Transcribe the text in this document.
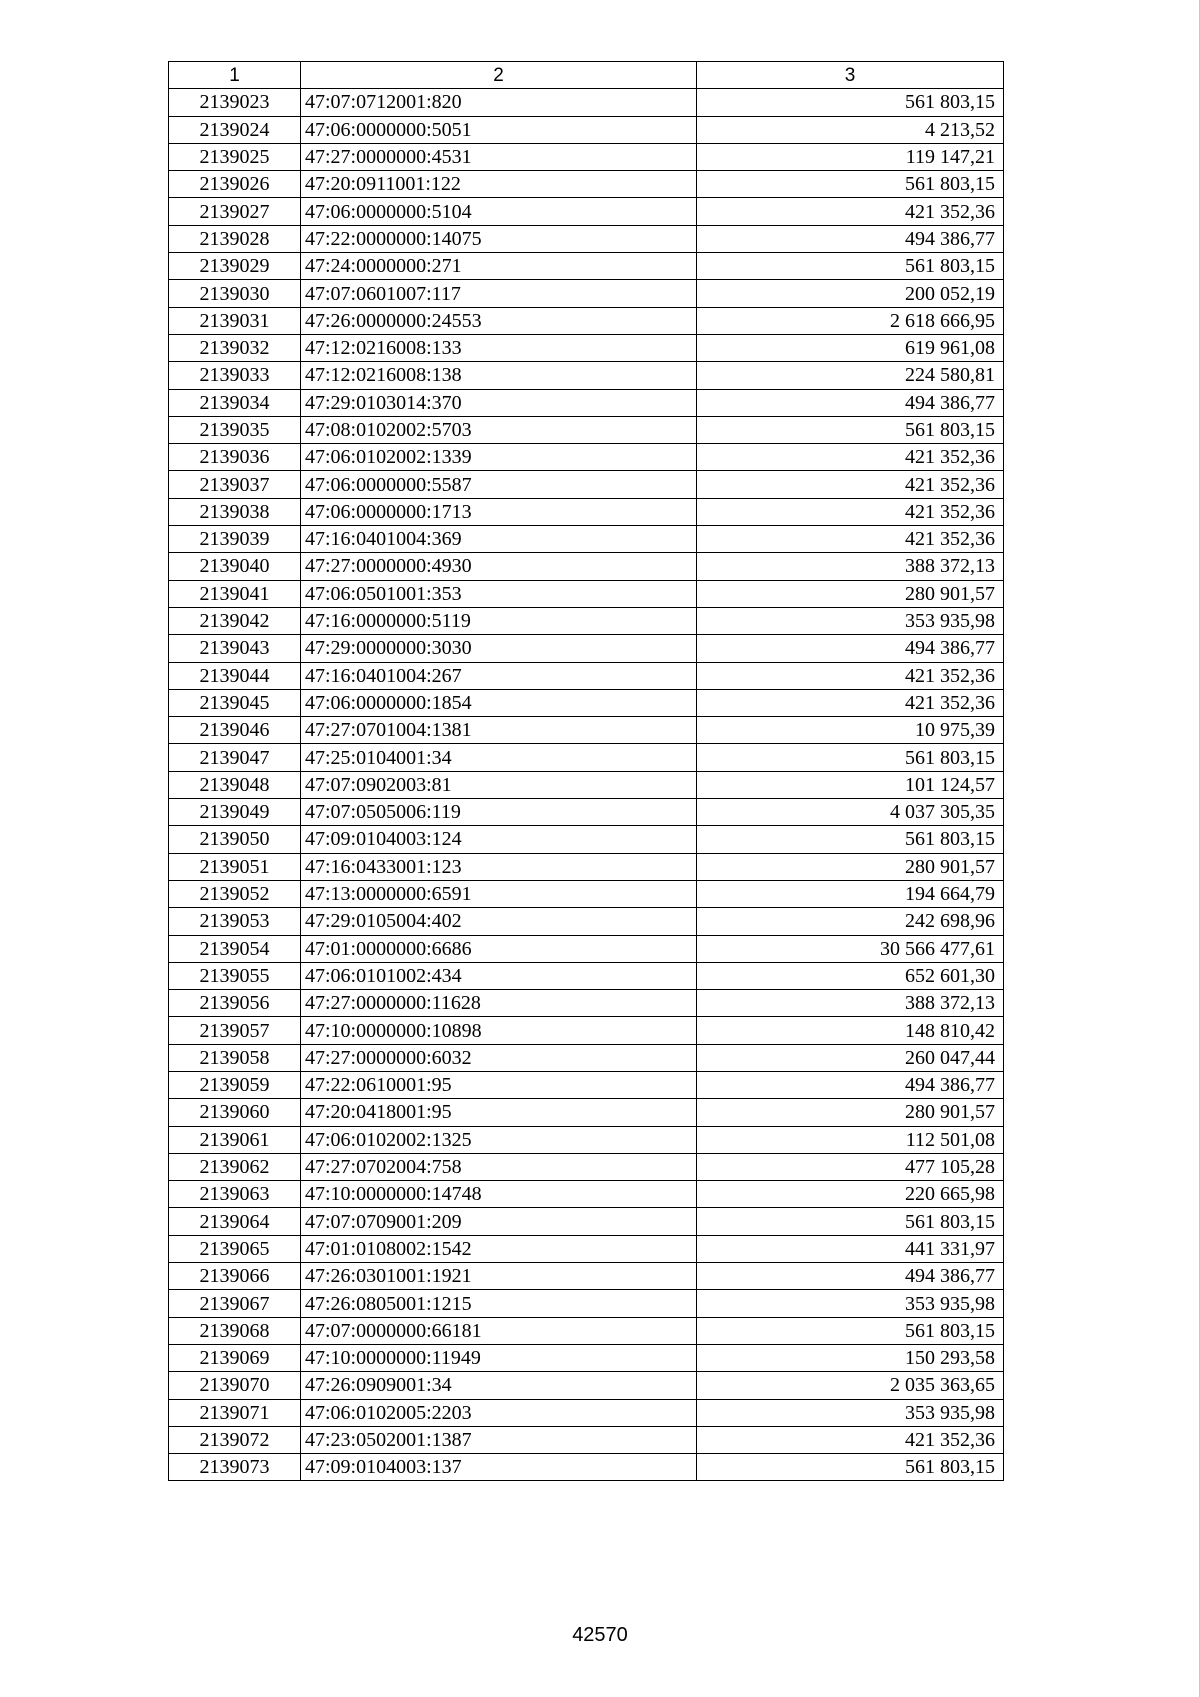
1	2	3
2139023	47:07:0712001:820	561 803,15
2139024	47:06:0000000:5051	4 213,52
2139025	47:27:0000000:4531	119 147,21
2139026	47:20:0911001:122	561 803,15
2139027	47:06:0000000:5104	421 352,36
2139028	47:22:0000000:14075	494 386,77
2139029	47:24:0000000:271	561 803,15
2139030	47:07:0601007:117	200 052,19
2139031	47:26:0000000:24553	2 618 666,95
2139032	47:12:0216008:133	619 961,08
2139033	47:12:0216008:138	224 580,81
2139034	47:29:0103014:370	494 386,77
2139035	47:08:0102002:5703	561 803,15
2139036	47:06:0102002:1339	421 352,36
2139037	47:06:0000000:5587	421 352,36
2139038	47:06:0000000:1713	421 352,36
2139039	47:16:0401004:369	421 352,36
2139040	47:27:0000000:4930	388 372,13
2139041	47:06:0501001:353	280 901,57
2139042	47:16:0000000:5119	353 935,98
2139043	47:29:0000000:3030	494 386,77
2139044	47:16:0401004:267	421 352,36
2139045	47:06:0000000:1854	421 352,36
2139046	47:27:0701004:1381	10 975,39
2139047	47:25:0104001:34	561 803,15
2139048	47:07:0902003:81	101 124,57
2139049	47:07:0505006:119	4 037 305,35
2139050	47:09:0104003:124	561 803,15
2139051	47:16:0433001:123	280 901,57
2139052	47:13:0000000:6591	194 664,79
2139053	47:29:0105004:402	242 698,96
2139054	47:01:0000000:6686	30 566 477,61
2139055	47:06:0101002:434	652 601,30
2139056	47:27:0000000:11628	388 372,13
2139057	47:10:0000000:10898	148 810,42
2139058	47:27:0000000:6032	260 047,44
2139059	47:22:0610001:95	494 386,77
2139060	47:20:0418001:95	280 901,57
2139061	47:06:0102002:1325	112 501,08
2139062	47:27:0702004:758	477 105,28
2139063	47:10:0000000:14748	220 665,98
2139064	47:07:0709001:209	561 803,15
2139065	47:01:0108002:1542	441 331,97
2139066	47:26:0301001:1921	494 386,77
2139067	47:26:0805001:1215	353 935,98
2139068	47:07:0000000:66181	561 803,15
2139069	47:10:0000000:11949	150 293,58
2139070	47:26:0909001:34	2 035 363,65
2139071	47:06:0102005:2203	353 935,98
2139072	47:23:0502001:1387	421 352,36
2139073	47:09:0104003:137	561 803,15
42570
